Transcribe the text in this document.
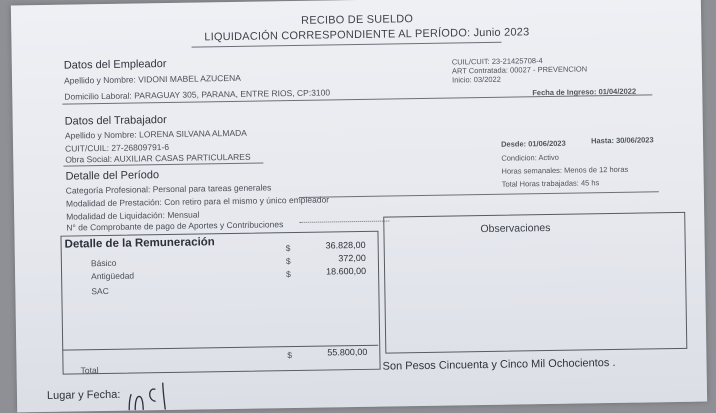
RECIBO DE SUELDO
LIQUIDACIÓN CORRESPONDIENTE AL PERÍODO: Junio 2023
Datos del Empleador
Apellido y Nombre: VIDONI MABEL AZUCENA
Domicilio Laboral: PARAGUAY 305, PARANA, ENTRE RIOS, CP:3100
CUIL/CUIT: 23-21425708-4
ART Contratada: 00027 - PREVENCION
Inicio: 03/2022
Fecha de Ingreso: 01/04/2022
Datos del Trabajador
Apellido y Nombre: LORENA SILVANA ALMADA
CUIT/CUIL: 27-26809791-6
Obra Social: AUXILIAR CASAS PARTICULARES
Detalle del Período
Categoría Profesional: Personal para tareas generales
Modalidad de Prestación: Con retiro para el mismo y único empleador
Modalidad de Liquidación: Mensual
N° de Comprobante de pago de Aportes y Contribuciones
Desde: 01/06/2023	Hasta: 30/06/2023
Condicion: Activo
Horas semanales: Menos de 12 horas
Total Horas trabajadas: 45 hs
Detalle de la Remuneración
Básico
Antigüedad
SAC
$
$
$
36.828,00
372,00
18.600,00
Total
$	55.800,00
Observaciones
Son Pesos Cincuenta y Cinco Mil Ochocientos .
Lugar y Fecha:
